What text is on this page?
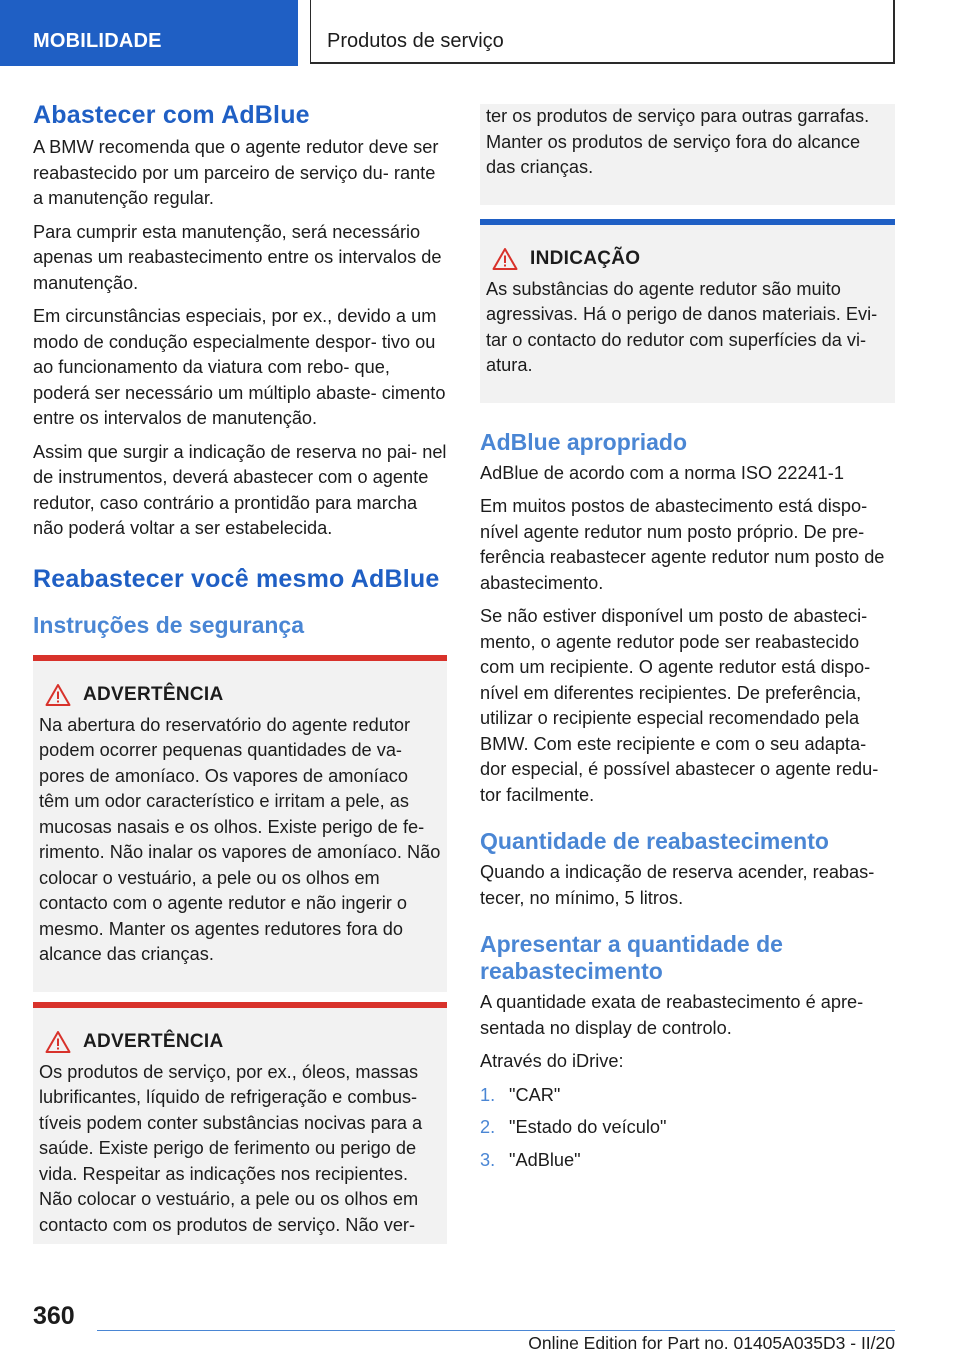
MOBILIDADE	Produtos de serviço
Abastecer com AdBlue

A BMW recomenda que o agente redutor deve ser reabastecido por um parceiro de serviço du‐ rante a manutenção regular.

Para cumprir esta manutenção, será necessário apenas um reabastecimento entre os intervalos de manutenção.

Em circunstâncias especiais, por ex., devido a um modo de condução especialmente despor‐ tivo ou ao funcionamento da viatura com rebo‐ que, poderá ser necessário um múltiplo abaste‐ cimento entre os intervalos de manutenção.

Assim que surgir a indicação de reserva no pai‐ nel de instrumentos, deverá abastecer com o agente redutor, caso contrário a prontidão para marcha não poderá voltar a ser estabelecida.

Reabastecer você mesmo AdBlue
Instruções de segurança
ADVERTÊNCIA

Na abertura do reservatório do agente redutor podem ocorrer pequenas quantidades de va‐ pores de amoníaco. Os vapores de amoníaco têm um odor característico e irritam a pele, as mucosas nasais e os olhos. Existe perigo de fe‐ rimento. Não inalar os vapores de amoníaco. Não colocar o vestuário, a pele ou os olhos em contacto com o agente redutor e não ingerir o mesmo. Manter os agentes redutores fora do alcance das crianças.

ADVERTÊNCIA

Os produtos de serviço, por ex., óleos, massas lubrificantes, líquido de refrigeração e combus‐ tíveis podem conter substâncias nocivas para a saúde. Existe perigo de ferimento ou perigo de vida. Respeitar as indicações nos recipientes. Não colocar o vestuário, a pele ou os olhos em contacto com os produtos de serviço. Não ver‐

ter os produtos de serviço para outras garrafas. Manter os produtos de serviço fora do alcance das crianças.

INDICAÇÃO

As substâncias do agente redutor são muito agressivas. Há o perigo de danos materiais. Evi‐ tar o contacto do redutor com superfícies da vi‐ atura.

AdBlue apropriado

AdBlue de acordo com a norma ISO 22241-1

Em muitos postos de abastecimento está dispo‐ nível agente redutor num posto próprio. De pre‐ ferência reabastecer agente redutor num posto de abastecimento.

Se não estiver disponível um posto de abasteci‐ mento, o agente redutor pode ser reabastecido com um recipiente. O agente redutor está dispo‐ nível em diferentes recipientes. De preferência, utilizar o recipiente especial recomendado pela BMW. Com este recipiente e com o seu adapta‐ dor especial, é possível abastecer o agente redu‐ tor facilmente.

Quantidade de reabastecimento

Quando a indicação de reserva acender, reabas‐ tecer, no mínimo, 5 litros.

Apresentar a quantidade de reabastecimento

A quantidade exata de reabastecimento é apre‐ sentada no display de controlo.

Através do iDrive:

1. "CAR"
2. "Estado do veículo"
3. "AdBlue"
360
Online Edition for Part no. 01405A035D3 - II/20
